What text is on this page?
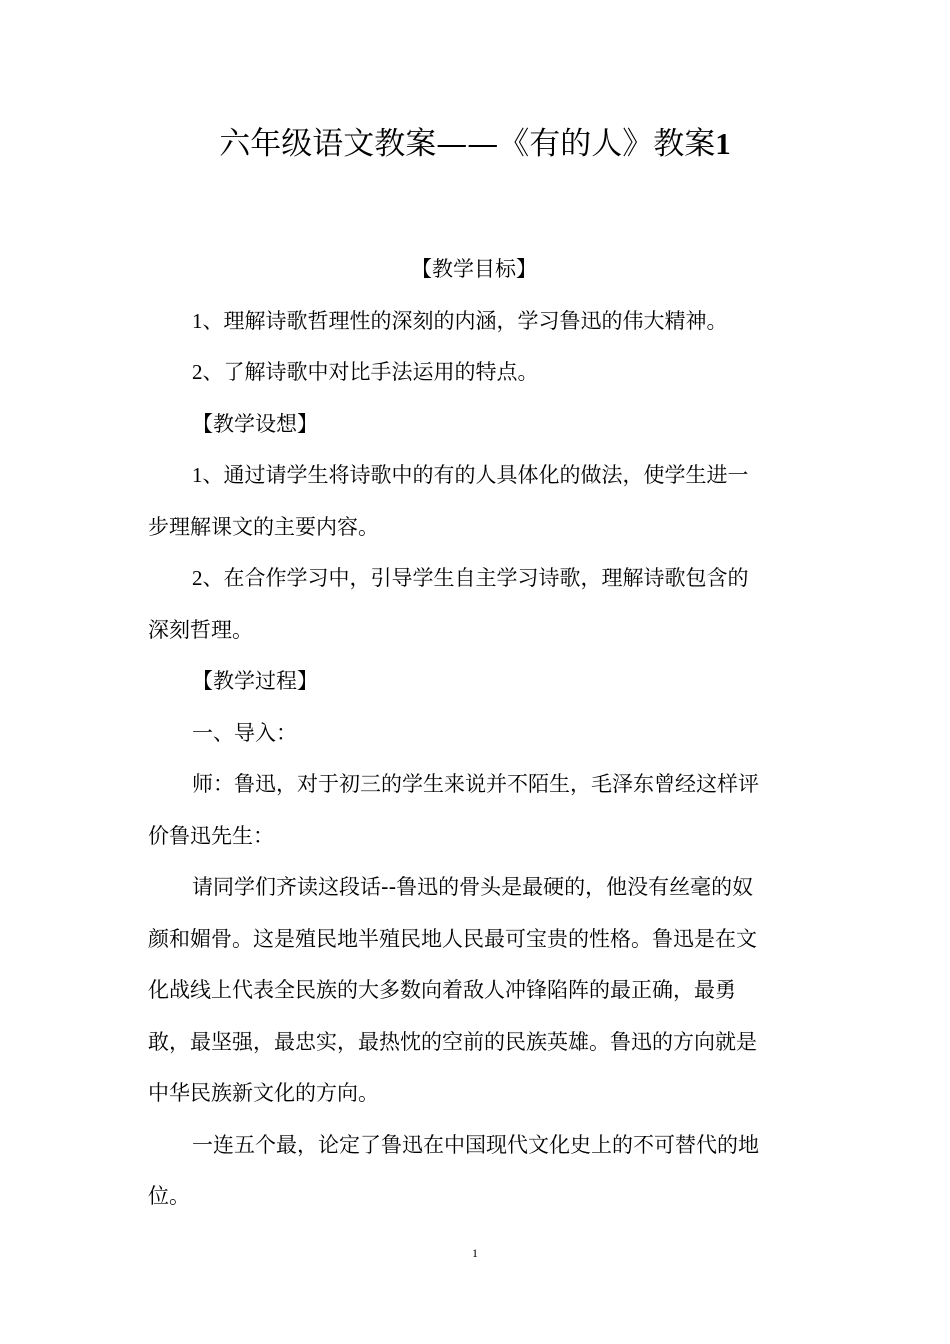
六年级语文教案——《有的人》教案1

【教学目标】

1、理解诗歌哲理性的深刻的内涵，学习鲁迅的伟大精神。

2、了解诗歌中对比手法运用的特点。

【教学设想】

1、通过请学生将诗歌中的有的人具体化的做法，使学生进一

步理解课文的主要内容。

2、在合作学习中，引导学生自主学习诗歌，理解诗歌包含的

深刻哲理。

【教学过程】

一、导入：

师：鲁迅，对于初三的学生来说并不陌生，毛泽东曾经这样评

价鲁迅先生：

请同学们齐读这段话--鲁迅的骨头是最硬的，他没有丝毫的奴

颜和媚骨。这是殖民地半殖民地人民最可宝贵的性格。鲁迅是在文

化战线上代表全民族的大多数向着敌人冲锋陷阵的最正确，最勇

敢，最坚强，最忠实，最热忱的空前的民族英雄。鲁迅的方向就是

中华民族新文化的方向。

一连五个最，论定了鲁迅在中国现代文化史上的不可替代的地

位。

1
